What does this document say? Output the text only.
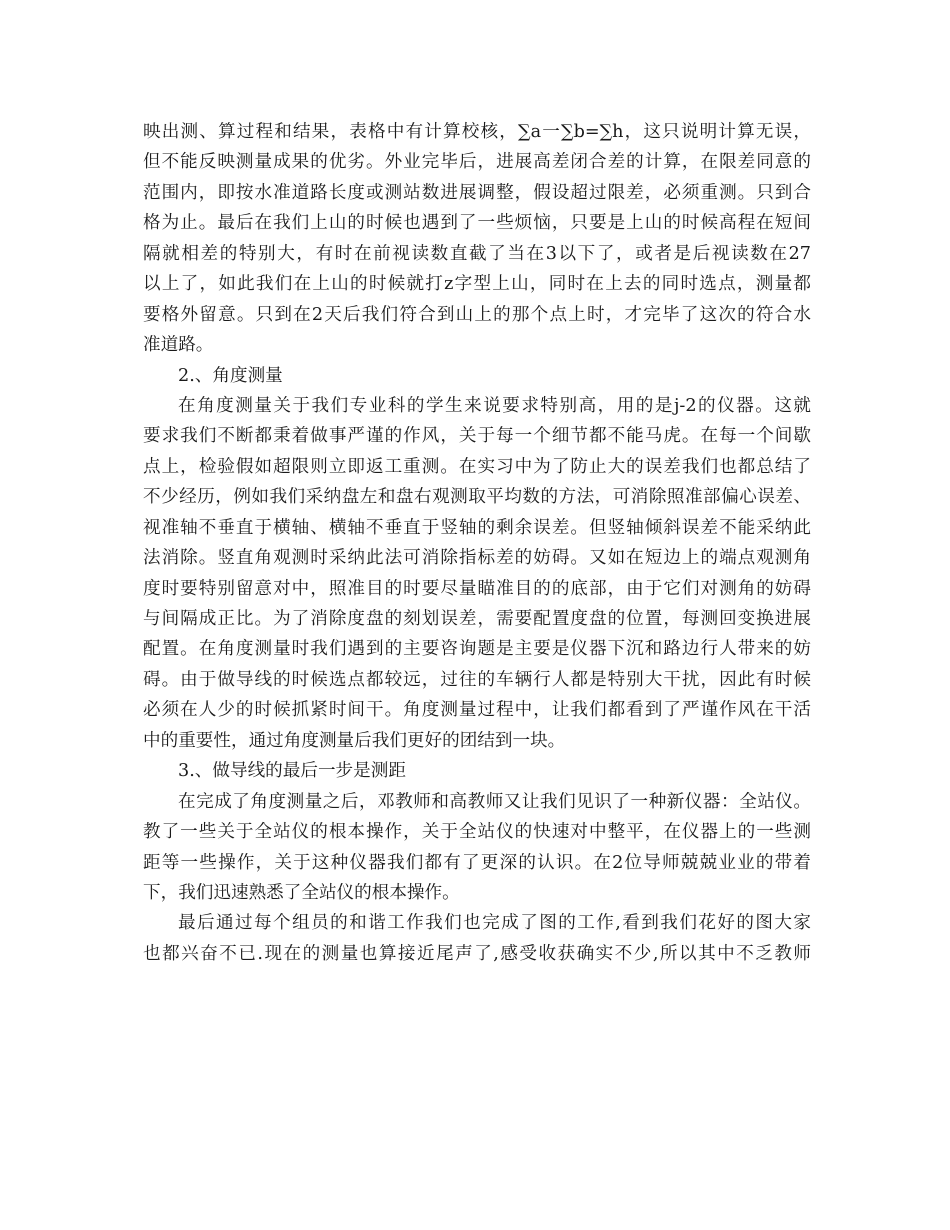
映出测、算过程和结果，表格中有计算校核，∑a一∑b=∑h，这只说明计算无误，
但不能反映测量成果的优劣。外业完毕后，进展高差闭合差的计算，在限差同意的
范围内，即按水准道路长度或测站数进展调整，假设超过限差，必须重测。只到合
格为止。最后在我们上山的时候也遇到了一些烦恼，只要是上山的时候高程在短间
隔就相差的特别大，有时在前视读数直截了当在3以下了，或者是后视读数在27
以上了，如此我们在上山的时候就打z字型上山，同时在上去的同时选点，测量都
要格外留意。只到在2天后我们符合到山上的那个点上时，才完毕了这次的符合水
准道路。
2.、角度测量
在角度测量关于我们专业科的学生来说要求特别高，用的是j-2的仪器。这就
要求我们不断都秉着做事严谨的作风，关于每一个细节都不能马虎。在每一个间歇
点上，检验假如超限则立即返工重测。在实习中为了防止大的误差我们也都总结了
不少经历，例如我们采纳盘左和盘右观测取平均数的方法，可消除照准部偏心误差、
视准轴不垂直于横轴、横轴不垂直于竖轴的剩余误差。但竖轴倾斜误差不能采纳此
法消除。竖直角观测时采纳此法可消除指标差的妨碍。又如在短边上的端点观测角
度时要特别留意对中，照准目的时要尽量瞄准目的的底部，由于它们对测角的妨碍
与间隔成正比。为了消除度盘的刻划误差，需要配置度盘的位置，每测回变换进展
配置。在角度测量时我们遇到的主要咨询题是主要是仪器下沉和路边行人带来的妨
碍。由于做导线的时候选点都较远，过往的车辆行人都是特别大干扰，因此有时候
必须在人少的时候抓紧时间干。角度测量过程中，让我们都看到了严谨作风在干活
中的重要性，通过角度测量后我们更好的团结到一块。
3.、做导线的最后一步是测距
在完成了角度测量之后，邓教师和高教师又让我们见识了一种新仪器：全站仪。
教了一些关于全站仪的根本操作，关于全站仪的快速对中整平，在仪器上的一些测
距等一些操作，关于这种仪器我们都有了更深的认识。在2位导师兢兢业业的带着
下，我们迅速熟悉了全站仪的根本操作。
最后通过每个组员的和谐工作我们也完成了图的工作,看到我们花好的图大家
也都兴奋不已.现在的测量也算接近尾声了,感受收获确实不少,所以其中不乏教师
